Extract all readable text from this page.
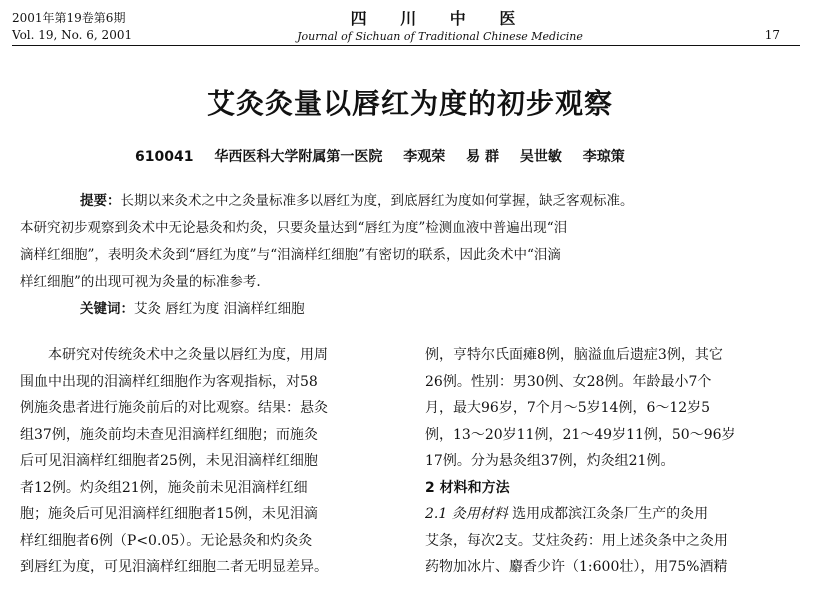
2001年第19卷第6期
Vol. 19, No. 6, 2001
四 川 中 医
Journal of Sichuan of Traditional Chinese Medicine	17
艾灸灸量以唇红为度的初步观察
610041 华西医科大学附属第一医院 李观荣 易 群 吴世敏 李琼策

提要：长期以来灸术之中之灸量标准多以唇红为度，到底唇红为度如何掌握，缺乏客观标准。

本研究初步观察到灸术中无论悬灸和灼灸，只要灸量达到“唇红为度”检测血液中普遍出现“泪

滴样红细胞”，表明灸术灸到“唇红为度”与“泪滴样红细胞”有密切的联系，因此灸术中“泪滴

样红细胞”的出现可视为灸量的标准参考.

关键词：艾灸 唇红为度 泪滴样红细胞

本研究对传统灸术中之灸量以唇红为度，用周

围血中出现的泪滴样红细胞作为客观指标，对58

例施灸患者进行施灸前后的对比观察。结果：悬灸

组37例，施灸前均未查见泪滴样红细胞；而施灸

后可见泪滴样红细胞者25例，未见泪滴样红细胞

者12例。灼灸组21例，施灸前未见泪滴样红细

胞；施灸后可见泪滴样红细胞者15例，未见泪滴

样红细胞者6例（P<0.05）。无论悬灸和灼灸灸

到唇红为度，可见泪滴样红细胞二者无明显差异。

例，亨特尔氏面瘫8例，脑溢血后遗症3例，其它

26例。性别：男30例、女28例。年龄最小7个

月，最大96岁，7个月～5岁14例，6～12岁5

例，13～20岁11例，21～49岁11例，50～96岁

17例。分为悬灸组37例，灼灸组21例。

2 材料和方法

2.1 灸用材料 选用成都滨江灸条厂生产的灸用

艾条，每次2支。艾炷灸药：用上述灸条中之灸用

药物加冰片、麝香少许（1:600壮），用75%酒精
